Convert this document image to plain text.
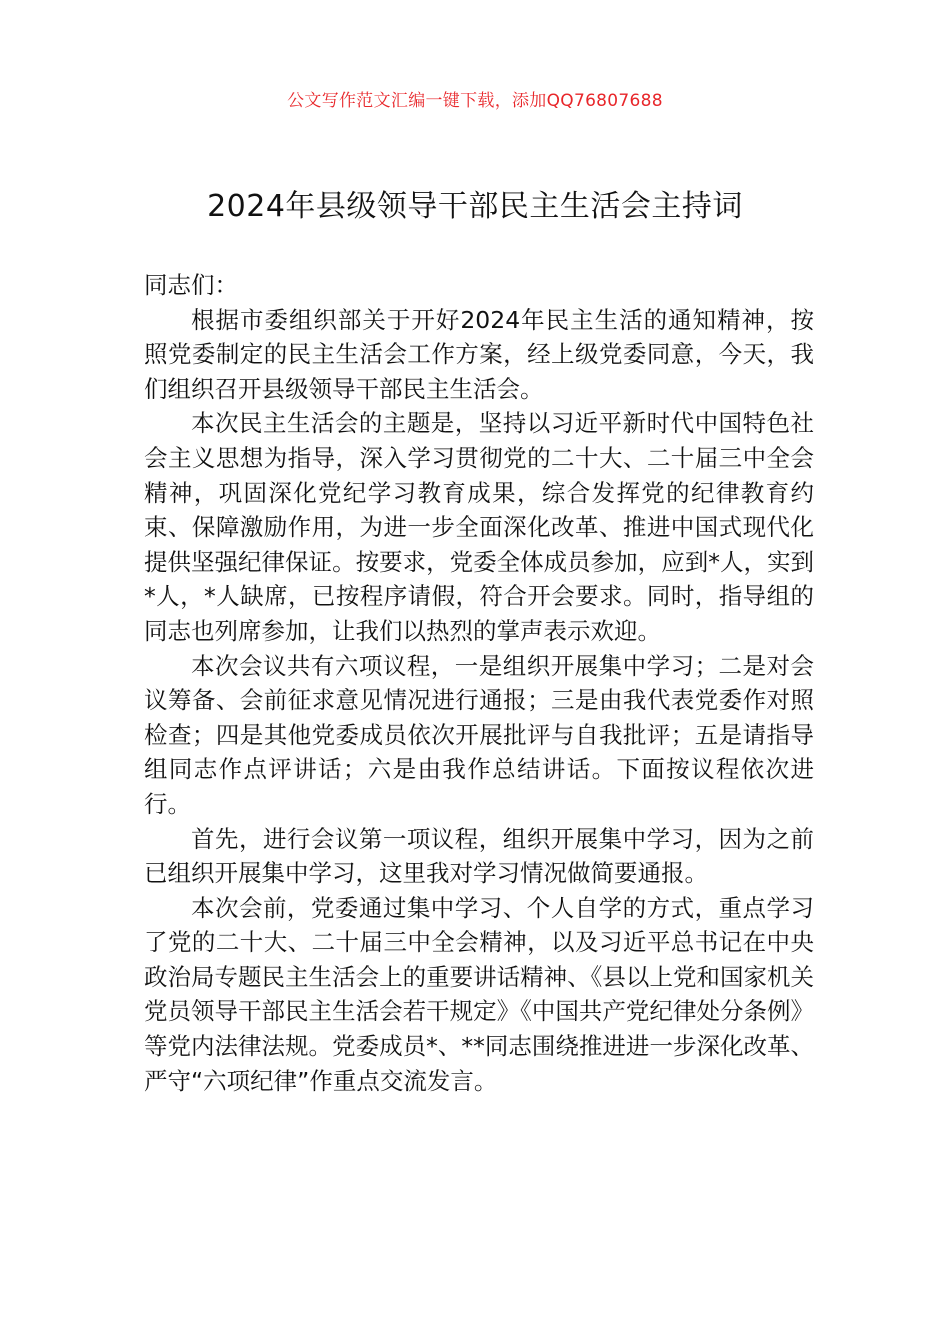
公文写作范文汇编一键下载，添加QQ76807688
2024年县级领导干部民主生活会主持词

同志们：

根据市委组织部关于开好2024年民主生活的通知精神，按照党委制定的民主生活会工作方案，经上级党委同意，今天，我们组织召开县级领导干部民主生活会。

本次民主生活会的主题是，坚持以习近平新时代中国特色社会主义思想为指导，深入学习贯彻党的二十大、二十届三中全会精神，巩固深化党纪学习教育成果，综合发挥党的纪律教育约束、保障激励作用，为进一步全面深化改革、推进中国式现代化提供坚强纪律保证。按要求，党委全体成员参加，应到*人，实到*人，*人缺席，已按程序请假，符合开会要求。同时，指导组的同志也列席参加，让我们以热烈的掌声表示欢迎。

本次会议共有六项议程，一是组织开展集中学习；二是对会议筹备、会前征求意见情况进行通报；三是由我代表党委作对照检查；四是其他党委成员依次开展批评与自我批评；五是请指导组同志作点评讲话；六是由我作总结讲话。下面按议程依次进行。

首先，进行会议第一项议程，组织开展集中学习，因为之前已组织开展集中学习，这里我对学习情况做简要通报。

本次会前，党委通过集中学习、个人自学的方式，重点学习了党的二十大、二十届三中全会精神，以及习近平总书记在中央政治局专题民主生活会上的重要讲话精神、《县以上党和国家机关党员领导干部民主生活会若干规定》《中国共产党纪律处分条例》等党内法律法规。党委成员*、**同志围绕推进进一步深化改革、严守“六项纪律”作重点交流发言。
